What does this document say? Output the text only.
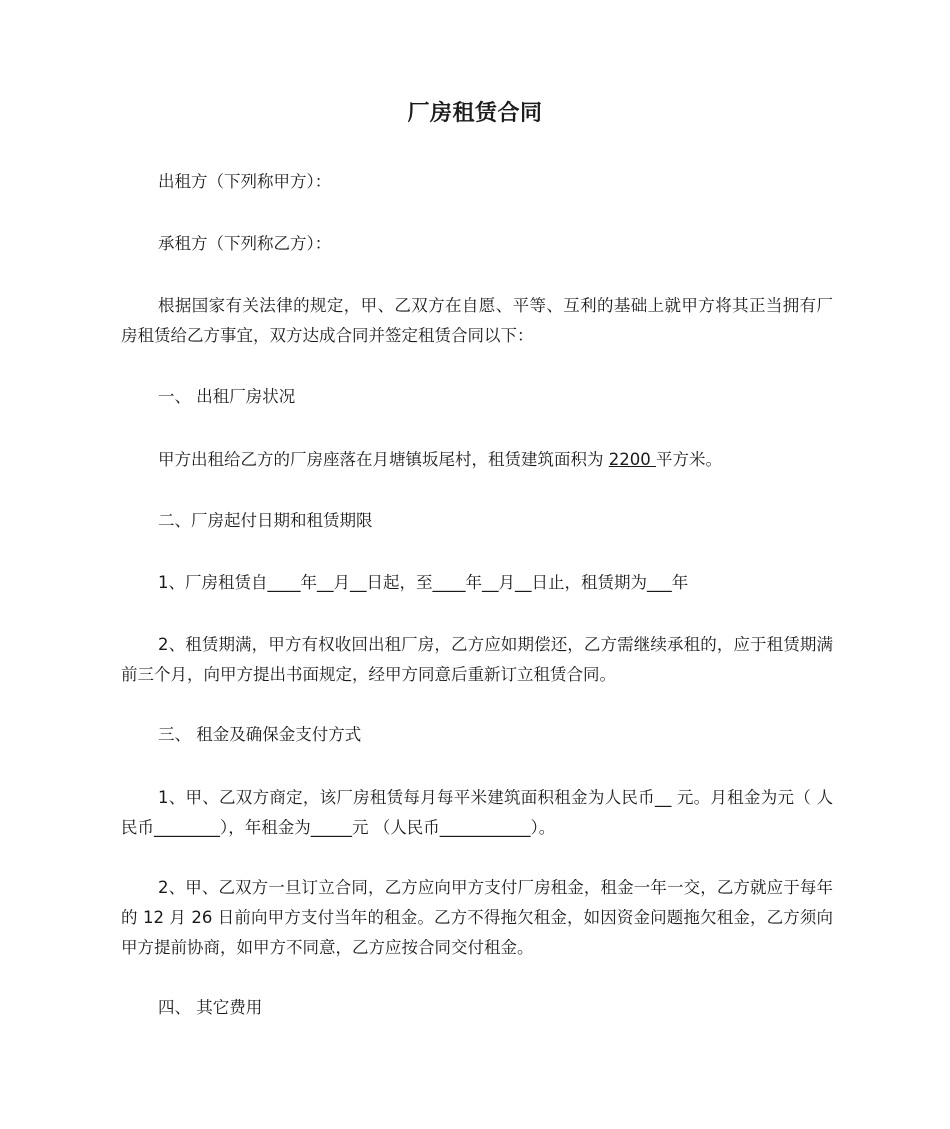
厂房租赁合同
出租方（下列称甲方）：
承租方（下列称乙方）：
根据国家有关法律的规定，甲、乙双方在自愿、平等、互利的基础上就甲方将其正当拥有厂房租赁给乙方事宜，双方达成合同并签定租赁合同以下：
一、 出租厂房状况
甲方出租给乙方的厂房座落在月塘镇坂尾村，租赁建筑面积为 2200 平方米。
二、厂房起付日期和租赁期限
1、厂房租赁自____年__月__日起，至____年__月__日止，租赁期为___年
2、租赁期满，甲方有权收回出租厂房，乙方应如期偿还，乙方需继续承租的，应于租赁期满前三个月，向甲方提出书面规定，经甲方同意后重新订立租赁合同。
三、 租金及确保金支付方式
1、甲、乙双方商定，该厂房租赁每月每平米建筑面积租金为人民币__ 元。月租金为元（ 人民币________），年租金为_____元 （人民币___________）。
2、甲、乙双方一旦订立合同，乙方应向甲方支付厂房租金，租金一年一交，乙方就应于每年的 12 月 26 日前向甲方支付当年的租金。乙方不得拖欠租金，如因资金问题拖欠租金，乙方须向甲方提前协商，如甲方不同意，乙方应按合同交付租金。
四、 其它费用
